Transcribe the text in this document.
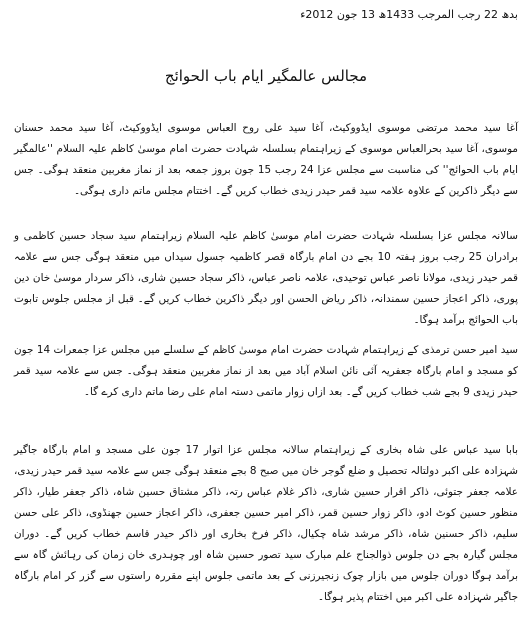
بدھ 22 رجب المرجب 1433ھ 13 جون 2012ء
مجالس عالمگیر ایام باب الحوائج

آغا سید محمد مرتضی موسوی ایڈووکیٹ، آغا سید علی روح العباس موسوی ایڈووکیٹ، آغا سید محمد حسنان موسوی، آغا سید بحرالعباس موسوی کے زیراہتمام بسلسلہ شہادت حضرت امام موسیٰ کاظم علیہ السلام ''عالمگیر ایام باب الحوائج'' کی مناسبت سے مجلس عزا 24 رجب 15 جون بروز جمعہ بعد از نماز مغربین منعقد ہوگی۔ جس سے دیگر ذاکرین کے علاوہ علامہ سید قمر حیدر زیدی خطاب کریں گے۔ اختتام مجلس ماتم داری ہوگی۔

سالانہ مجلس عزا بسلسلہ شہادت حضرت امام موسیٰ کاظم علیہ السلام زیراہتمام سید سجاد حسین کاظمی و برادران 25 رجب بروز ہفتہ 10 بجے دن امام بارگاہ قصر کاظمیہ جسول سیداں میں منعقد ہوگی جس سے علامہ قمر حیدر زیدی، مولانا ناصر عباس توحیدی، علامہ ناصر عباس، ذاکر سجاد حسین شاری، ذاکر سردار موسیٰ خان دین پوری، ذاکر اعجاز حسین سمندانہ، ذاکر ریاض الحسن اور دیگر ذاکرین خطاب کریں گے۔ قبل از مجلس جلوس تابوت باب الحوائج برآمد ہوگا۔

سید امیر حسن ترمذی کے زیراہتمام شہادت حضرت امام موسیٰ کاظم کے سلسلے میں مجلس عزا جمعرات 14 جون کو مسجد و امام بارگاہ جعفریہ آئی نائن اسلام آباد میں بعد از نماز مغربین منعقد ہوگی۔ جس سے علامہ سید قمر حیدر زیدی 9 بجے شب خطاب کریں گے۔ بعد ازاں زوار ماتمی دستہ امام علی رضا ماتم داری کرے گا۔

بابا سید عباس علی شاہ بخاری کے زیراہتمام سالانہ مجلس عزا اتوار 17 جون علی مسجد و امام بارگاہ جاگیر شہزادہ علی اکبر دولتالہ تحصیل و ضلع گوجر خان میں صبح 8 بجے منعقد ہوگی جس سے علامہ سید قمر حیدر زیدی، علامہ جعفر جتوئی، ذاکر اقرار حسین شاری، ذاکر غلام عباس رتہ، ذاکر مشتاق حسین شاہ، ذاکر جعفر طیار، ذاکر منظور حسین کوٹ ادو، ذاکر زوار حسین قمر، ذاکر امیر حسین جعفری، ذاکر اعجاز حسین جھنڈوی، ذاکر علی حسن سلیم، ذاکر حسنین شاہ، ذاکر مرشد شاہ چکیال، ذاکر فرخ بخاری اور ذاکر حیدر قاسم خطاب کریں گے۔ دوران مجلس گیارہ بجے دن جلوس ذوالجناح علم مبارک سید تصور حسین شاہ اور چوہدری خان زمان کی رہائش گاہ سے برآمد ہوگا دوران جلوس میں بازار چوک زنجیرزنی کے بعد ماتمی جلوس اپنے مقررہ راستوں سے گزر کر امام بارگاہ جاگیر شہزادہ علی اکبر میں اختتام پذیر ہوگا۔
